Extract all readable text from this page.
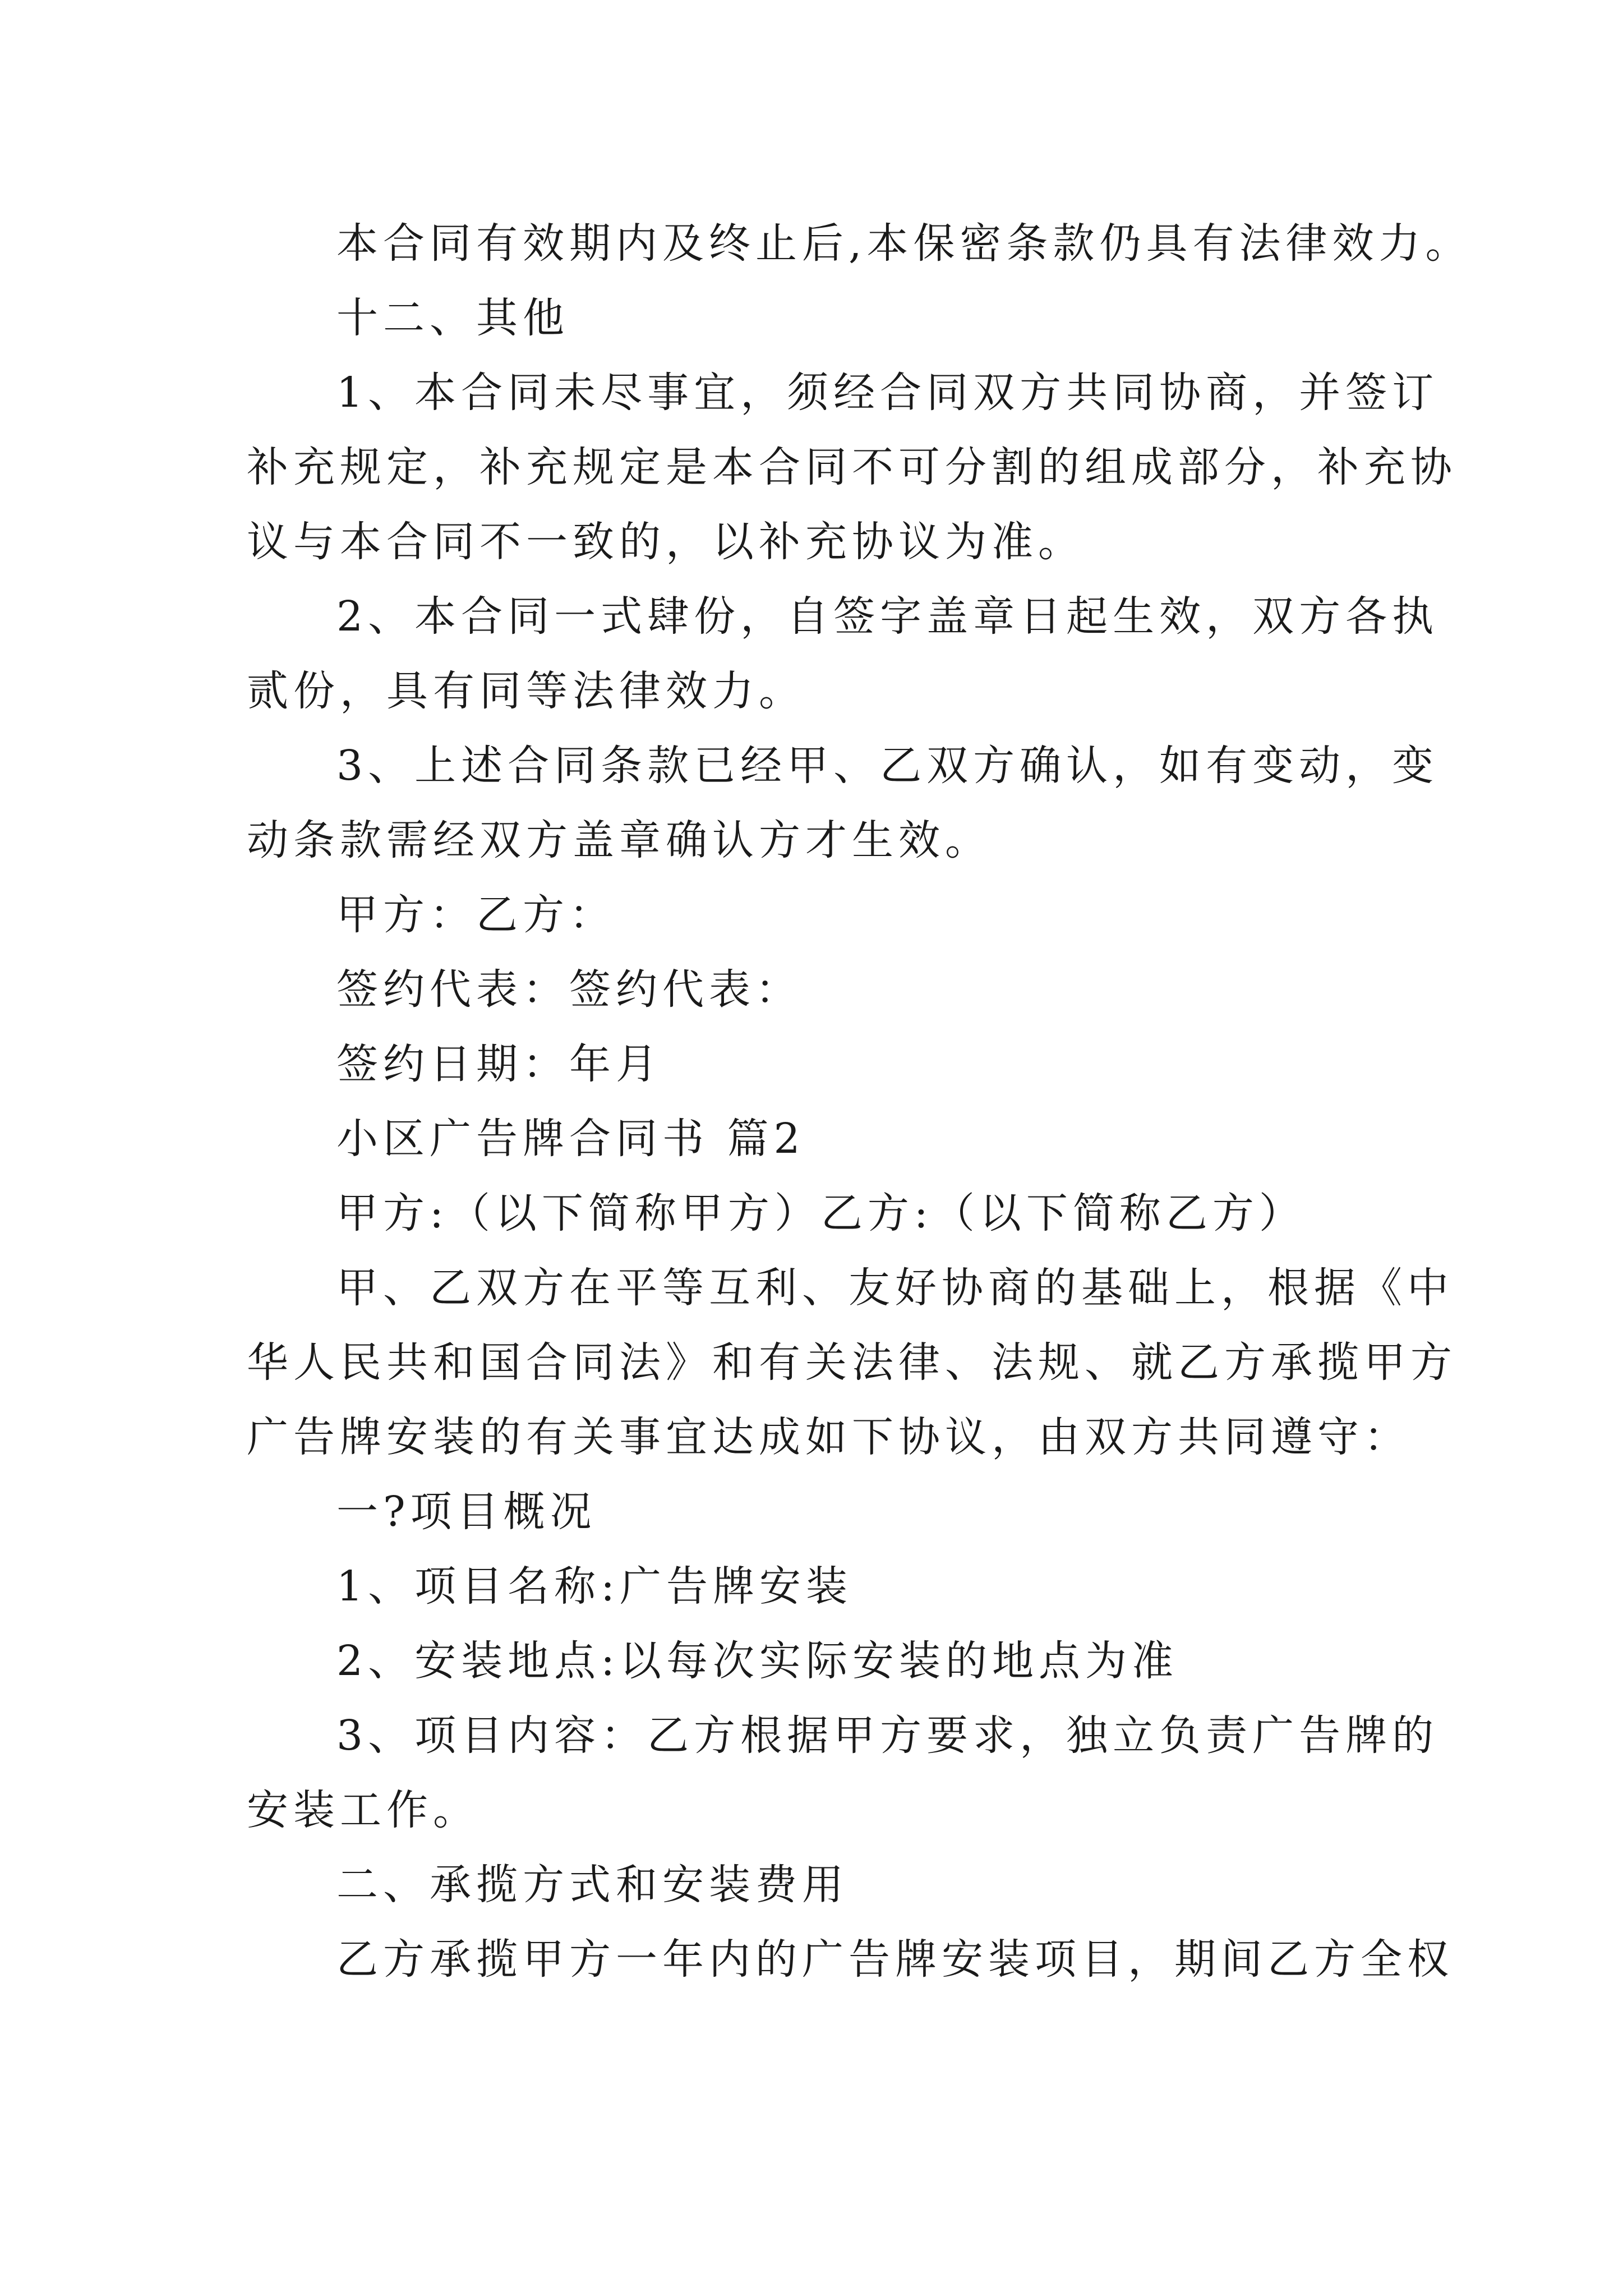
本合同有效期内及终止后,本保密条款仍具有法律效力。
十二、其他
1、本合同未尽事宜，须经合同双方共同协商，并签订
补充规定，补充规定是本合同不可分割的组成部分，补充协
议与本合同不一致的，以补充协议为准。
2、本合同一式肆份，自签字盖章日起生效，双方各执
贰份，具有同等法律效力。
3、上述合同条款已经甲、乙双方确认，如有变动，变
动条款需经双方盖章确认方才生效。
甲方：乙方：
签约代表：签约代表：
签约日期：年月
小区广告牌合同书 篇2
甲方:（以下简称甲方）乙方:（以下简称乙方）
甲、乙双方在平等互利、友好协商的基础上，根据《中
华人民共和国合同法》和有关法律、法规、就乙方承揽甲方
广告牌安装的有关事宜达成如下协议，由双方共同遵守：
一?项目概况
1、项目名称:广告牌安装
2、安装地点:以每次实际安装的地点为准
3、项目内容：乙方根据甲方要求，独立负责广告牌的
安装工作。
二、承揽方式和安装费用
乙方承揽甲方一年内的广告牌安装项目，期间乙方全权
